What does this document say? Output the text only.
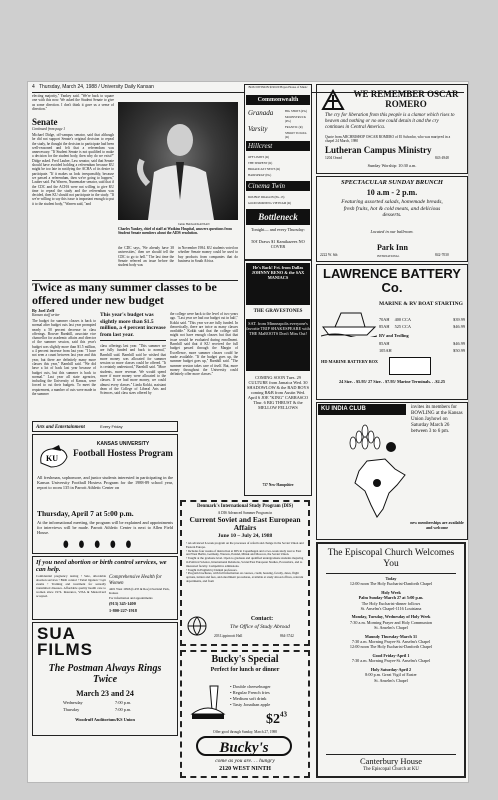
4 Thursday, March 24, 1988 / University Daily Kansan
electing majority," Yankey said. "We're back to square one with this now. We asked the Student Senate to give us some direction. I don't think it gave us a sense of direction."
Senate
Continued from page 1
Michael Didge, off-campus senator, said that although he did not support Senate's original decision to repeal the study, he thought the decision to participate had been well-reasoned and felt that a referendum was unnecessary. "If Student Senate is not qualified to make a decision for the student body, then why do we exist?" Didge asked. Fred Lauber, Law senator, said that Senate should have avoided holding a referendum because KU might be too late in notifying the ACHA of its desire to participate. "If it makes us look irresponsibly, because we passed a referendum, then we're going to happen," Lauber said. Pat Warren, Nunemaker senator, said that if the CDC and the ACHA were not willing to give KU time to repeal the study and the referendum was decided, then KU should not participate in the study. "If we're willing to say this issue is important enough to put it to the student body," Warren said, "and
Jamie Hubbard/KANSAN
Charles Yankey, chief of staff at Watkins Hospital, answers questions from Student Senate members about the AIDS resolution.
the CDC says, 'We already have 38 universities,' then we should tell the CDC to go to hell." The last time the Senate referred an issue before the student body was
in November 1984. KU students voted on whether Senate money could be used to buy products from companies that do business in South Africa.
Twice as many summer classes to be offered under new budget
By Joel Zeff
Kansan staff writer
The budget for summer classes is back to normal after budget cuts last year prompted nearly a 50 percent decrease in class offerings. Bowser Barnhill, associate vice chancellor for academic affairs and director of the summer session, said this year's budget was slightly more than $1.5 million, a 4 percent increase from last year. "I have not seen a count between last year and this year, but there are definitely many more classes this year," Barnhill said. "We did have a lot of back last year because of budget cuts, but this summer is back to normal." Last year all state agencies, including the University of Kansas, were forced to cut their budgets. To meet the requirement, a number of cuts were made in the summer
This year's budget was slightly more than $1.5 million, a 4 percent increase from last year.
class offerings last year. "This summer we are fully funded and back to normal," Barnhill said. Barnhill said he wished that more money was allocated for summer session so more classes could be offered. "It is certainly understood," Barnhill said. "More students, more revenue. We would spend more if more money were allocated to the classes. If we had more money, we could almost every classes." Linda Kokkt, assistant dean of the College of Liberal Arts and Sciences, said class sizes offered by
the college were back to the level of two years ago. "Last year we had our budget cut in half," Kokkt said. "This year we are fully funded. In theoretically, there are twice as many classes available." Kokkt said that the college still might not have enough classes but that that issue would be evaluated during enrollment. Barnhill said that if KU received the full budget passed through the Margin of Excellence, more summer classes could be made available. "If the budget goes up, the summer budget goes up," Barnhill said. "The summer session takes care of itself. But, more money throughout the University could definitely offer more classes."
Arts and Entertainment	Every Friday
KU
KANSAS UNIVERSITY
Football Hostess Program
All freshman, sophomore, and junior students interested in participating in the Kansas University Football Hostess Program for the 1988-89 school year, report to room 135 in Parrott Athletic Center on
Thursday, April 7 at 5:00 p.m.
At the informational meeting, the program will be explained and appointments for interviews will be made. Parrott Athletic Center is next to Allen Field House.
⬮⬮⬮⬮⬮
If you need abortion or birth control services, we can help.
Confidential pregnancy testing • Safe, affordable abortion services • Birth control • Tubal ligation • Gyn exams • Training and treatment for sexually transmitted diseases. Affordable quality health care to women since 1974. Insurance, VISA & MasterCard accepted.
Comprehensive Health for Women
4401 West 109th (I-435 & Roe) Overland Park, Kansas
For information and appointments
(913) 345-1400
1-800-227-1918
SUA
FILMS
The Postman Always Rings Twice
March 23 and 24
Wednesday	7:00 p.m.
Thursday	7:00 p.m.
Woodruff Auditorium/KS Union
BOX DIVISION $190.00 Hayes House of Music
Commonwealth
Granada	BIG SHOTS (PG)
MOONSTRUCK (PG)
Varsity	FRANTIC (R)
SHOOT TO KILL (R)
Hillcrest
OFF LIMITS (R)
THE SERPENT (R)
BROADCAST NEWS (R)
HAIRSPRAY (PG)
Cinema Twin
DOUBLE DRAGON (PG-13)
GOOD MORNING VIETNAM (R)
Bottleneck
Tonight— and every Thursday:
50¢ Draws $1 Kamikazees NO COVER
He's Back! Fri. from Dallas JOHNNY RENO & the SAX MANIACS
THE GRAVESTONES
SAT. from Minneapolis everyone's favorite TRIP SHAKESPEARE with THE MaROOTS Don't Miss Out!
COMING SOON Tues. 29 CULTURE from Jamaica Wed. 30 SHADOWLOW & the BAD BOYS coming R&B from Austin Wed. April 6 JOE "KING" CARRASCO Thur. 6 BIG THRUST & the MELLOW FELLOWS
737 New Hampshire
WE REMEMBER OSCAR ROMERO
The cry for liberation from this people is a clamor which rises to heaven and nothing or no one could detain it and the cry continues in Central America.
Quote from ARCHBISHOP OSCAR ROMERO of El Salvador, who was martyred in a chapel 24 March, 1980
Lutheran Campus Ministry
1204 Oread	843-4948
Sunday Worship: 10:30 a.m.
SPECTACULAR SUNDAY BRUNCH
10 a.m - 2 p.m.
Featuring assorted salads, homemade breads, fresh fruits, hot & cold meats, and delicious desserts.
Located in our ballroom.
Park Inn
INTERNATIONAL
2222 W. 6th	842-7030
LAWRENCE BATTERY Co.
MARINE & RV BOAT STARTING
70AH 400 CCA	$39.99
85AH 525 CCA	$46.99
RV and Trolling
85AH	$46.99
105AH	$50.99
HD MARINE BATTERY BOX
24 Size. . $5.95/ 27 Size. . $7.95/ Marine Terminals. . .$2.25
KU INDIA CLUB	invites its members for BOWLING at the Kansas Union Jayhowl on Saturday March 26 between 3 to 6 pm.
new memberships are available and welcome
Denmark's International Study Program (DIS)
A DIS Advanced Summer Program in
Current Soviet and East European Affairs
June 10 – July 24, 1988
• An advanced 6-week program on the processes of reform and change in the Soviet Union and Eastern Europe.
• Includes four weeks of instruction at DIS in Copenhagen and a two-week study tour to East and West Berlin, Germany, Warsaw, Poland, Minsk and Moscow, the Soviet Union.
• Taught at the graduate level. Open to graduate and qualified undergraduate students majoring in Political Science, International Relations, Soviet/East European Studies, Economics, and to interested faculty. Competitive admissions.
• Taught in English by Danish professors.
• Program brochures, with full information on courses, credit, housing, faculty, dates, flight options, tuition and fees, and enrollment procedures, available at study abroad offices, relevant departments, and from
Contact:
The Office of Study Abroad
203 Lippincott Hall	864-3742
Bucky's Special
Perfect for lunch or dinner
• Double cheeseburger
• Regular French fries
• Medium soft drink
• Tasty Jonathan apple
$\$2^{43}$
Offer good through Sunday, March 27, 1988
Bucky's
come as you are. . . hungry
2120 WEST NINTH
The Episcopal Church Welcomes You
Today
12:00 noon The Holy Eucharist-Danforth Chapel
Holy Week
Palm Sunday-March 27 at 5:00 p.m.
The Holy Eucharist-dinner follows
St. Anselm's Chapel-1116 Louisiana
Monday, Tuesday, Wednesday of Holy Week
7:30 a.m. Morning Prayer and Holy Communion
St. Anselm's Chapel
Maundy Thursday-March 31
7:30 a.m. Morning Prayer-St. Anselm's Chapel
12:00 noon The Holy Eucharist-Danforth Chapel
Good Friday-April 1
7:30 a.m. Morning Prayer-St. Anselm's Chapel
Holy Saturday-April 2
8:00 p.m. Great Vigil of Easter
St. Anselm's Chapel
Canterbury House
The Episcopal Church at KU
